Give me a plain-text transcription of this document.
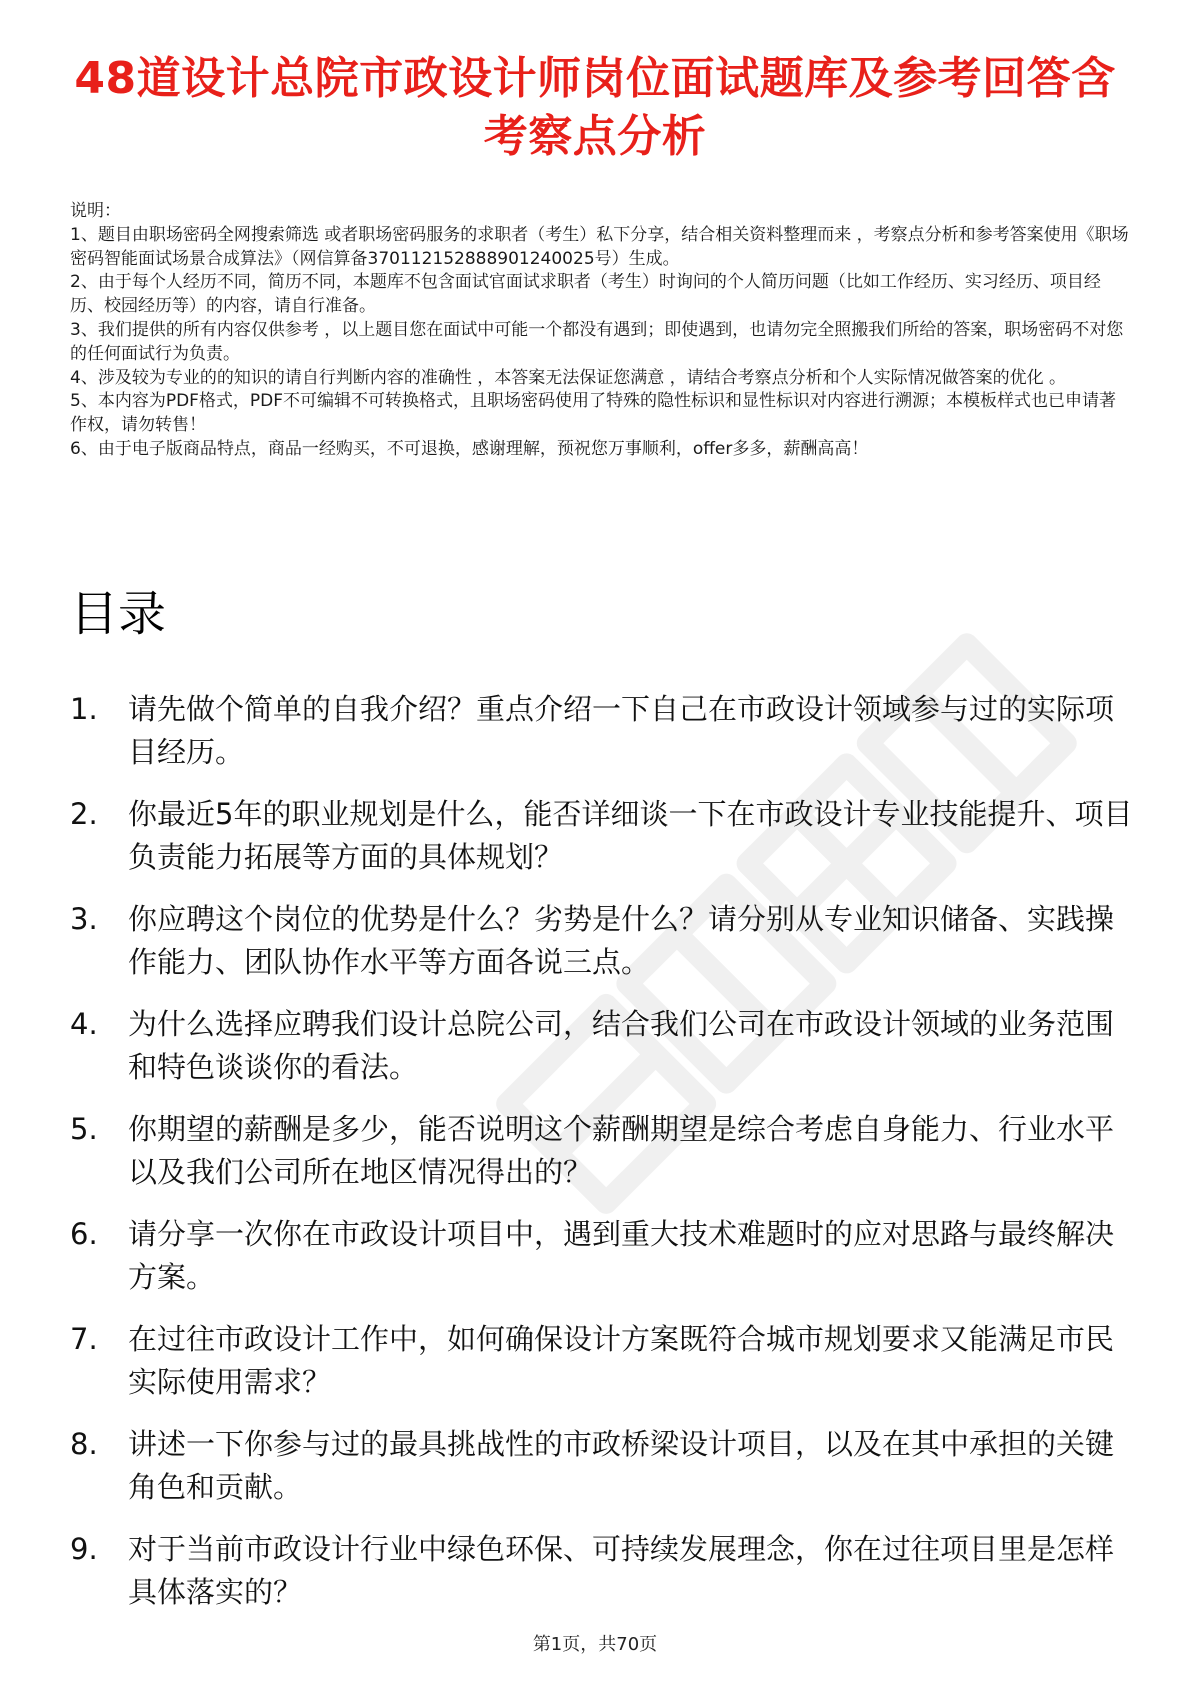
48道设计总院市政设计师岗位面试题库及参考回答含考察点分析

说明：

1、题目由职场密码全网搜索筛选 或者职场密码服务的求职者（考生）私下分享，结合相关资料整理而来 ，考察点分析和参考答案使用《职场密码智能面试场景合成算法》（网信算备370112152888901240025号）生成。

2、由于每个人经历不同，简历不同，本题库不包含面试官面试求职者（考生）时询问的个人简历问题（比如工作经历、实习经历、项目经历、校园经历等）的内容，请自行准备。

3、我们提供的所有内容仅供参考 ，以上题目您在面试中可能一个都没有遇到；即使遇到，也请勿完全照搬我们所给的答案，职场密码不对您的任何面试行为负责。

4、涉及较为专业的的知识的请自行判断内容的准确性 ，本答案无法保证您满意 ，请结合考察点分析和个人实际情况做答案的优化 。

5、本内容为PDF格式，PDF不可编辑不可转换格式，且职场密码使用了特殊的隐性标识和显性标识对内容进行溯源；本模板样式也已申请著作权，请勿转售！

6、由于电子版商品特点，商品一经购买，不可退换，感谢理解，预祝您万事顺利，offer多多，薪酬高高！

目录
1.	请先做个简单的自我介绍？重点介绍一下自己在市政设计领域参与过的实际项目经历。
2.	你最近5年的职业规划是什么，能否详细谈一下在市政设计专业技能提升、项目负责能力拓展等方面的具体规划？
3.	你应聘这个岗位的优势是什么？劣势是什么？请分别从专业知识储备、实践操作能力、团队协作水平等方面各说三点。
4.	为什么选择应聘我们设计总院公司，结合我们公司在市政设计领域的业务范围和特色谈谈你的看法。
5.	你期望的薪酬是多少，能否说明这个薪酬期望是综合考虑自身能力、行业水平以及我们公司所在地区情况得出的？
6.	请分享一次你在市政设计项目中，遇到重大技术难题时的应对思路与最终解决方案。
7.	在过往市政设计工作中，如何确保设计方案既符合城市规划要求又能满足市民实际使用需求？
8.	讲述一下你参与过的最具挑战性的市政桥梁设计项目，以及在其中承担的关键角色和贡献。
9.	对于当前市政设计行业中绿色环保、可持续发展理念，你在过往项目里是怎样具体落实的？
第1页，共70页
